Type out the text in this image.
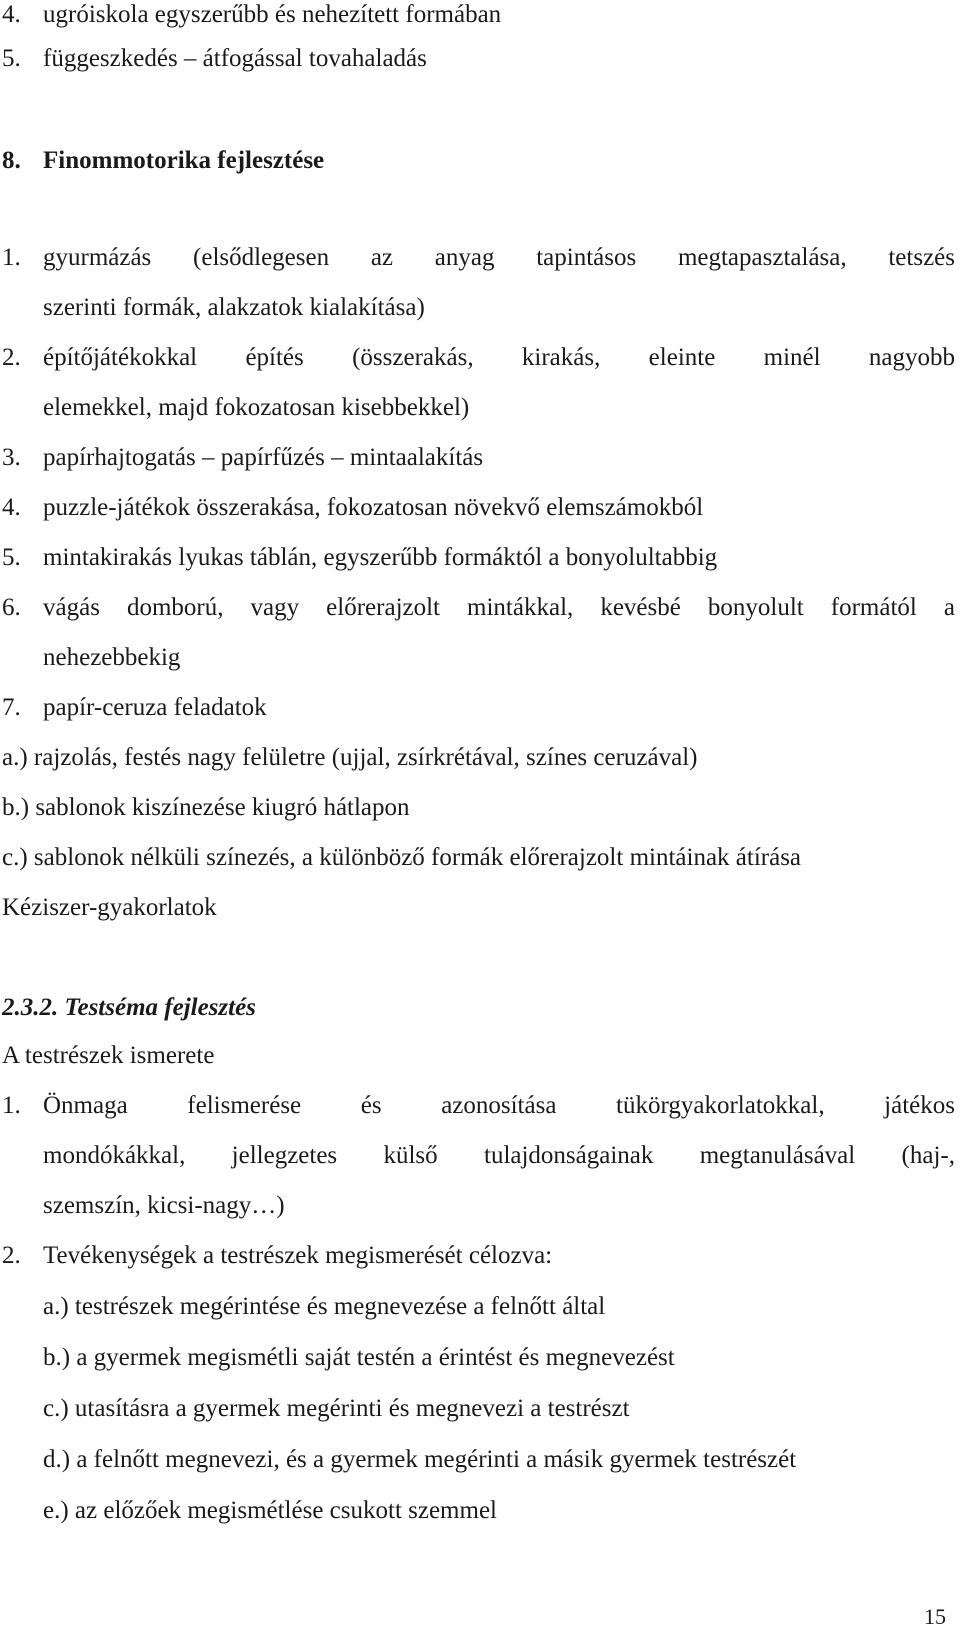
4. ugróiskola egyszerűbb és nehezített formában
5. függeszkedés – átfogással tovahaladás
8. Finommotorika fejlesztése
1. gyurmázás (elsődlegesen az anyag tapintásos megtapasztalása, tetszés
szerinti formák, alakzatok kialakítása)
2. építőjátékokkal építés (összerakás, kirakás, eleinte minél nagyobb
elemekkel, majd fokozatosan kisebbekkel)
3. papírhajtogatás – papírfűzés – mintaalakítás
4. puzzle-játékok összerakása, fokozatosan növekvő elemszámokból
5. mintakirakás lyukas táblán, egyszerűbb formáktól a bonyolultabbig
6. vágás domború, vagy előrerajzolt mintákkal, kevésbé bonyolult formától a
nehezebbekig
7. papír-ceruza feladatok
a.) rajzolás, festés nagy felületre (ujjal, zsírkrétával, színes ceruzával)
b.) sablonok kiszínezése kiugró hátlapon
c.) sablonok nélküli színezés, a különböző formák előrerajzolt mintáinak átírása
Kéziszer-gyakorlatok
2.3.2. Testséma fejlesztés
A testrészek ismerete
1. Önmaga felismerése és azonosítása tükörgyakorlatokkal, játékos
mondókákkal, jellegzetes külső tulajdonságainak megtanulásával (haj-,
szemszín, kicsi-nagy…)
2. Tevékenységek a testrészek megismerését célozva:
a.) testrészek megérintése és megnevezése a felnőtt által
b.) a gyermek megismétli saját testén a érintést és megnevezést
c.) utasításra a gyermek megérinti és megnevezi a testrészt
d.) a felnőtt megnevezi, és a gyermek megérinti a másik gyermek testrészét
e.) az előzőek megismétlése csukott szemmel
15
